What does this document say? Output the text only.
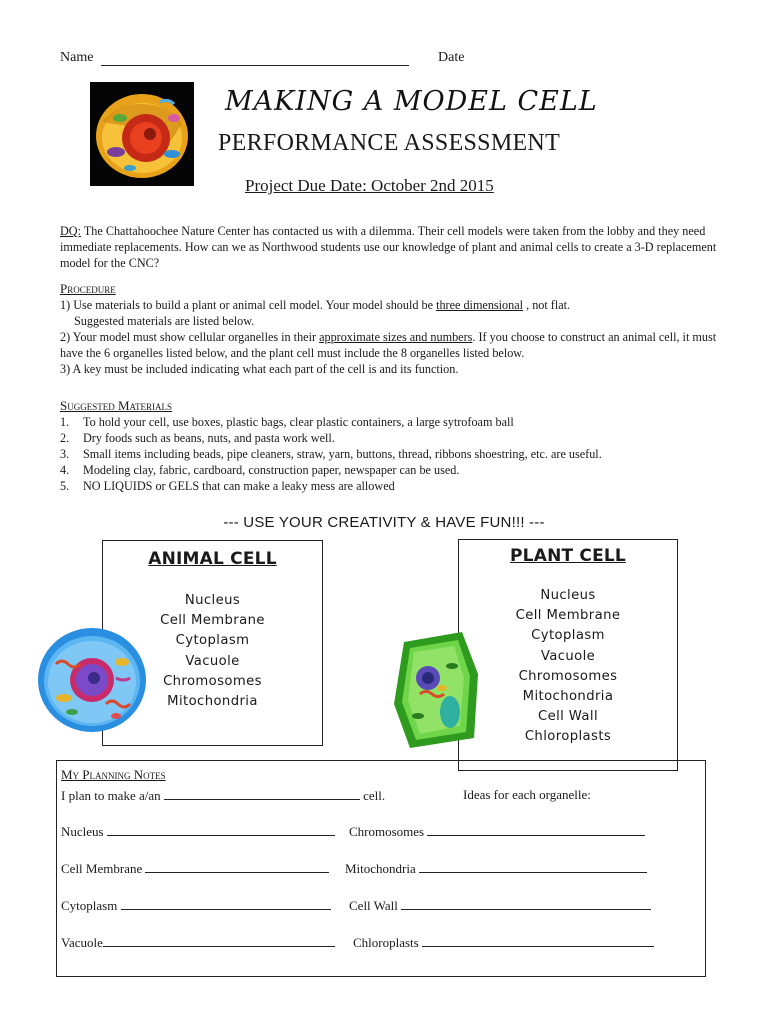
Name	Date
MAKING A MODEL CELL
PERFORMANCE ASSESSMENT
Project Due Date: October 2nd 2015
DQ: The Chattahoochee Nature Center has contacted us with a dilemma. Their cell models were taken from the lobby and they need immediate replacements. How can we as Northwood students use our knowledge of plant and animal cells to create a 3-D replacement model for the CNC?
Procedure
1) Use materials to build a plant or animal cell model. Your model should be three dimensional , not flat.
Suggested materials are listed below.
2) Your model must show cellular organelles in their approximate sizes and numbers. If you choose to construct an animal cell, it must have the 6 organelles listed below, and the plant cell must include the 8 organelles listed below.
3) A key must be included indicating what each part of the cell is and its function.
Suggested Materials
1.	To hold your cell, use boxes, plastic bags, clear plastic containers, a large sytrofoam ball
2.	Dry foods such as beans, nuts, and pasta work well.
3.	Small items including beads, pipe cleaners, straw, yarn, buttons, thread, ribbons shoestring, etc. are useful.
4.	Modeling clay, fabric, cardboard, construction paper, newspaper can be used.
5.	NO LIQUIDS or GELS that can make a leaky mess are allowed
--- USE YOUR CREATIVITY & HAVE FUN!!! ---
ANIMAL CELL
Nucleus
Cell Membrane
Cytoplasm
Vacuole
Chromosomes
Mitochondria
PLANT CELL
Nucleus
Cell Membrane
Cytoplasm
Vacuole
Chromosomes
Mitochondria
Cell Wall
Chloroplasts
My Planning Notes
I plan to make a/an	cell.	Ideas for each organelle:
Nucleus	Chromosomes
Cell Membrane	Mitochondria
Cytoplasm	Cell Wall
Vacuole	Chloroplasts
